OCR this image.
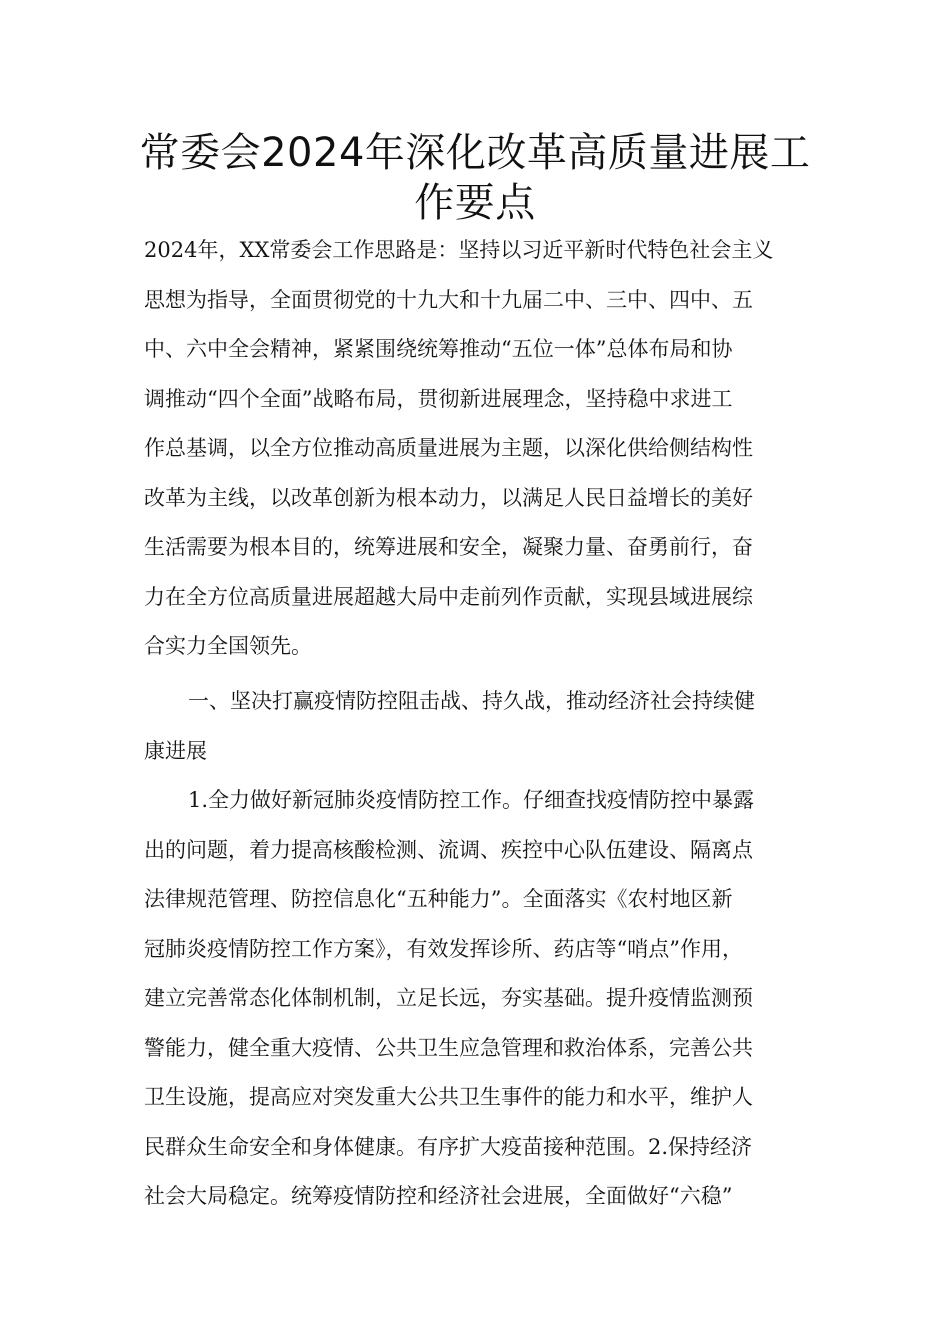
常委会2024年深化改革高质量进展工
作要点
2024年，XX常委会工作思路是：坚持以习近平新时代特色社会主义
思想为指导，全面贯彻党的十九大和十九届二中、三中、四中、五
中、六中全会精神，紧紧围绕统筹推动“五位一体”总体布局和协
调推动“四个全面”战略布局，贯彻新进展理念，坚持稳中求进工
作总基调，以全方位推动高质量进展为主题，以深化供给侧结构性
改革为主线，以改革创新为根本动力，以满足人民日益增长的美好
生活需要为根本目的，统筹进展和安全，凝聚力量、奋勇前行，奋
力在全方位高质量进展超越大局中走前列作贡献，实现县域进展综
合实力全国领先。
一、坚决打赢疫情防控阻击战、持久战，推动经济社会持续健
康进展
1.全力做好新冠肺炎疫情防控工作。仔细查找疫情防控中暴露
出的问题，着力提高核酸检测、流调、疾控中心队伍建设、隔离点
法律规范管理、防控信息化“五种能力”。全面落实《农村地区新
冠肺炎疫情防控工作方案》，有效发挥诊所、药店等“哨点”作用，
建立完善常态化体制机制，立足长远，夯实基础。提升疫情监测预
警能力，健全重大疫情、公共卫生应急管理和救治体系，完善公共
卫生设施，提高应对突发重大公共卫生事件的能力和水平，维护人
民群众生命安全和身体健康。有序扩大疫苗接种范围。2.保持经济
社会大局稳定。统筹疫情防控和经济社会进展，全面做好“六稳”
